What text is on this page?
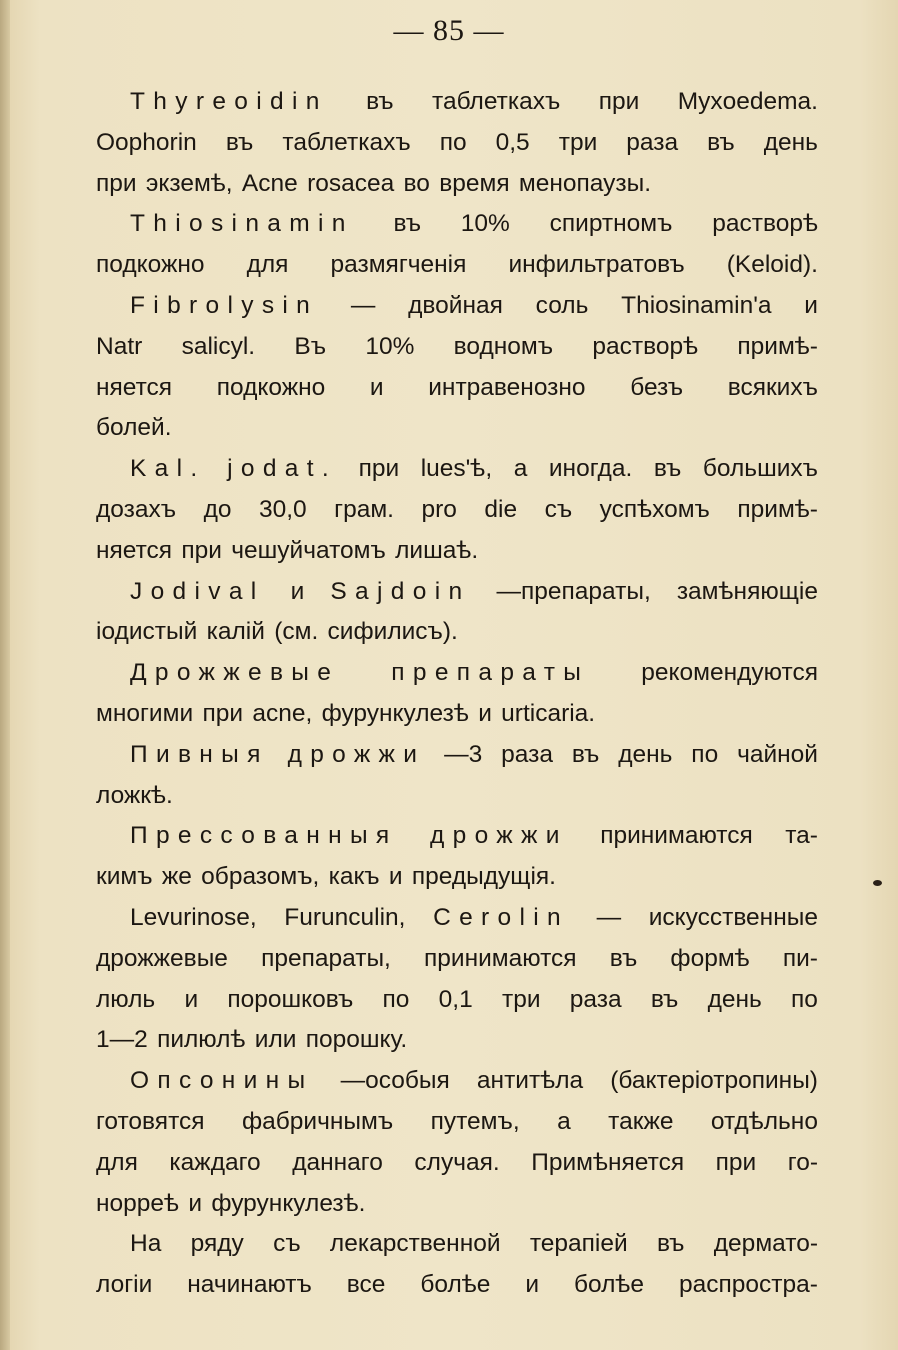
— 85 —
Thyreoidin въ таблеткахъ при Myxoedema.
Oophorin въ таблеткахъ по 0,5 три раза въ день
при экземѣ, Acne rosacea во время менопаузы.
Thiosinamin въ 10% спиртномъ растворѣ
подкожно для размягченія инфильтратовъ (Keloid).
Fibrolysin — двойная соль Thiosinamin'a и
Natr salicyl. Въ 10% водномъ растворѣ примѣ-
няется подкожно и интравенозно безъ всякихъ
болей.
Kal. jodat. при lues'ѣ, а иногда. въ большихъ
дозахъ до 30,0 грам. pro die съ успѣхомъ примѣ-
няется при чешуйчатомъ лишаѣ.
Jodival и Sajdoin —препараты, замѣняющіе
іодистый калій (см. сифилисъ).
Дрожжевые препараты рекомендуются
многими при acne, фурункулезѣ и urticaria.
Пивныя дрожжи —3 раза въ день по чайной
ложкѣ.
Прессованныя дрожжи принимаются та-
кимъ же образомъ, какъ и предыдущія.
Levurinose, Furunculin, Cerolin — искусственные
дрожжевые препараты, принимаются въ формѣ пи-
люль и порошковъ по 0,1 три раза въ день по
1—2 пилюлѣ или порошку.
Опсонины —особыя антитѣла (бактеріотропины)
готовятся фабричнымъ путемъ, а также отдѣльно
для каждаго даннаго случая. Примѣняется при го-
норреѣ и фурункулезѣ.
На ряду съ лекарственной терапіей въ дермато-
логіи начинаютъ все болѣе и болѣе распростра-
